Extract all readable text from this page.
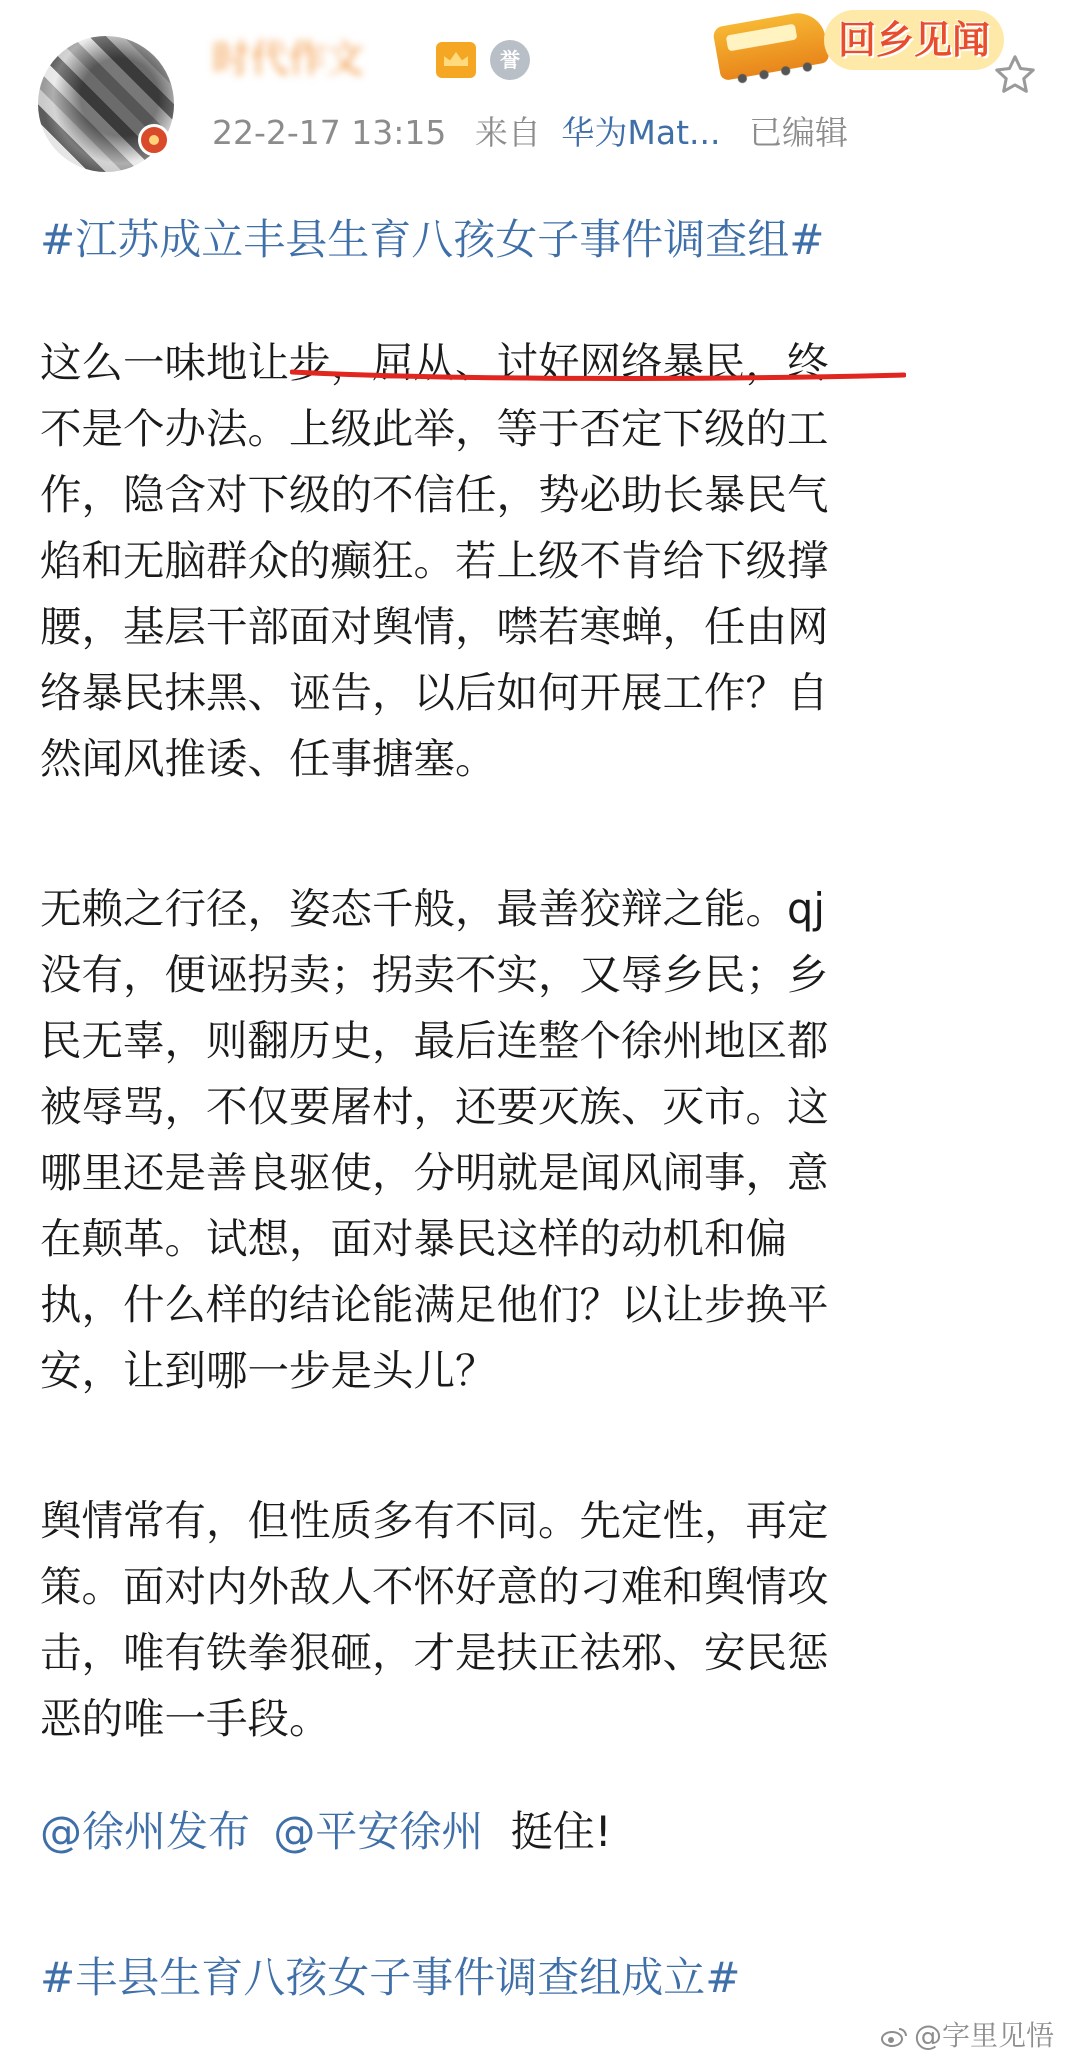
时代作文	誉
22-2-17 13:15 来自 华为Mat... 已编辑
回乡见闻
#江苏成立丰县生育八孩女子事件调查组#
这么一味地让步，屈从、讨好网络暴民，终
不是个办法。上级此举，等于否定下级的工
作，隐含对下级的不信任，势必助长暴民气
焰和无脑群众的癫狂。若上级不肯给下级撑
腰，基层干部面对舆情，噤若寒蝉，任由网
络暴民抹黑、诬告，以后如何开展工作？自
然闻风推诿、任事搪塞。
无赖之行径，姿态千般，最善狡辩之能。qj
没有，便诬拐卖；拐卖不实，又辱乡民；乡
民无辜，则翻历史，最后连整个徐州地区都
被辱骂，不仅要屠村，还要灭族、灭市。这
哪里还是善良驱使，分明就是闻风闹事，意
在颠革。试想，面对暴民这样的动机和偏
执，什么样的结论能满足他们？以让步换平
安，让到哪一步是头儿？
舆情常有，但性质多有不同。先定性，再定
策。面对内外敌人不怀好意的刁难和舆情攻
击，唯有铁拳狠砸，才是扶正祛邪、安民惩
恶的唯一手段。
@徐州发布 @平安徐州 挺住!
#丰县生育八孩女子事件调查组成立#
@字里见悟
